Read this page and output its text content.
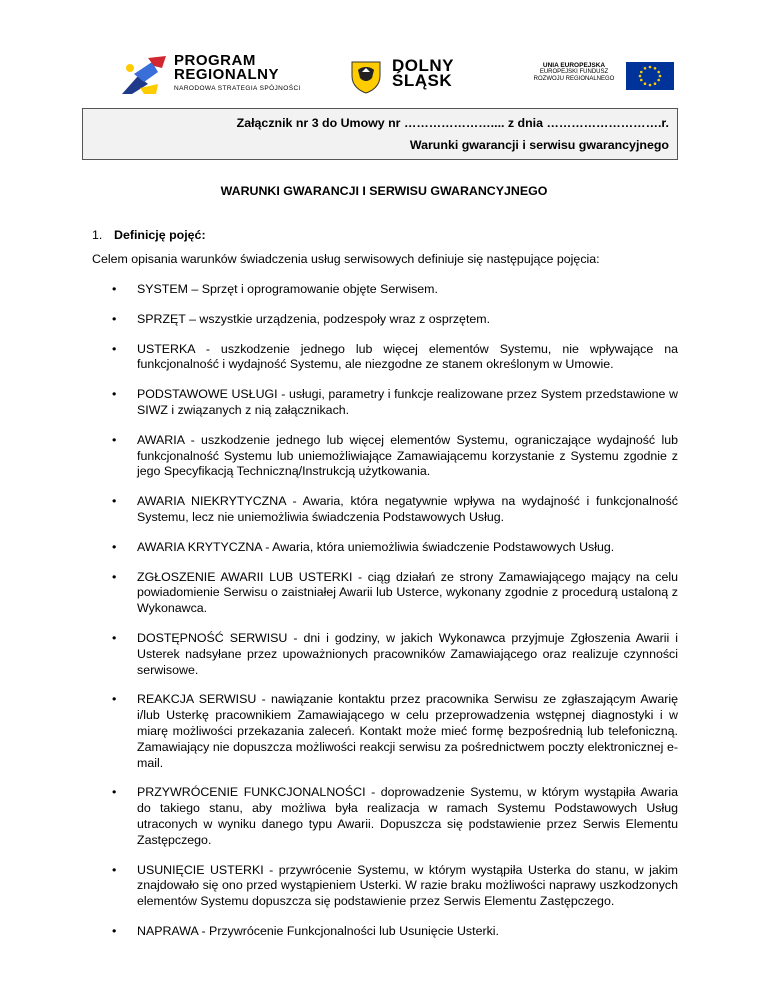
PROGRAM
REGIONALNY
NARODOWA STRATEGIA SPÓJNOŚCI
DOLNY
ŚLĄSK
UNIA EUROPEJSKA
EUROPEJSKI FUNDUSZ
ROZWOJU REGIONALNEGO
Załącznik nr 3 do Umowy nr ………………….... z dnia ……………………….r.
Warunki gwarancji i serwisu gwarancyjnego
WARUNKI GWARANCJI I SERWISU GWARANCYJNEGO
1. Definicję pojęć:
Celem opisania warunków świadczenia usług serwisowych definiuje się następujące pojęcia:
• SYSTEM – Sprzęt i oprogramowanie objęte Serwisem.
• SPRZĘT – wszystkie urządzenia, podzespoły wraz z osprzętem.
• USTERKA - uszkodzenie jednego lub więcej elementów Systemu, nie wpływające na funkcjonalność i wydajność Systemu, ale niezgodne ze stanem określonym w Umowie.
• PODSTAWOWE USŁUGI - usługi, parametry i funkcje realizowane przez System przedstawione w SIWZ i związanych z nią załącznikach.
• AWARIA - uszkodzenie jednego lub więcej elementów Systemu, ograniczające wydajność lub funkcjonalność Systemu lub uniemożliwiające Zamawiającemu korzystanie z Systemu zgodnie z jego Specyfikacją Techniczną/Instrukcją użytkowania.
• AWARIA NIEKRYTYCZNA - Awaria, która negatywnie wpływa na wydajność i funkcjonalność Systemu, lecz nie uniemożliwia świadczenia Podstawowych Usług.
• AWARIA KRYTYCZNA - Awaria, która uniemożliwia świadczenie Podstawowych Usług.
• ZGŁOSZENIE AWARII LUB USTERKI - ciąg działań ze strony Zamawiającego mający na celu powiadomienie Serwisu o zaistniałej Awarii lub Usterce, wykonany zgodnie z procedurą ustaloną z Wykonawca.
• DOSTĘPNOŚĆ SERWISU - dni i godziny, w jakich Wykonawca przyjmuje Zgłoszenia Awarii i Usterek nadsyłane przez upoważnionych pracowników Zamawiającego oraz realizuje czynności serwisowe.
• REAKCJA SERWISU - nawiązanie kontaktu przez pracownika Serwisu ze zgłaszającym Awarię i/lub Usterkę pracownikiem Zamawiającego w celu przeprowadzenia wstępnej diagnostyki i w miarę możliwości przekazania zaleceń. Kontakt może mieć formę bezpośrednią lub telefoniczną. Zamawiający nie dopuszcza możliwości reakcji serwisu za pośrednictwem poczty elektronicznej e-mail.
• PRZYWRÓCENIE FUNKCJONALNOŚCI - doprowadzenie Systemu, w którym wystąpiła Awaria do takiego stanu, aby możliwa była realizacja w ramach Systemu Podstawowych Usług utraconych w wyniku danego typu Awarii. Dopuszcza się podstawienie przez Serwis Elementu Zastępczego.
• USUNIĘCIE USTERKI - przywrócenie Systemu, w którym wystąpiła Usterka do stanu, w jakim znajdowało się ono przed wystąpieniem Usterki. W razie braku możliwości naprawy uszkodzonych elementów Systemu dopuszcza się podstawienie przez Serwis Elementu Zastępczego.
• NAPRAWA - Przywrócenie Funkcjonalności lub Usunięcie Usterki.
